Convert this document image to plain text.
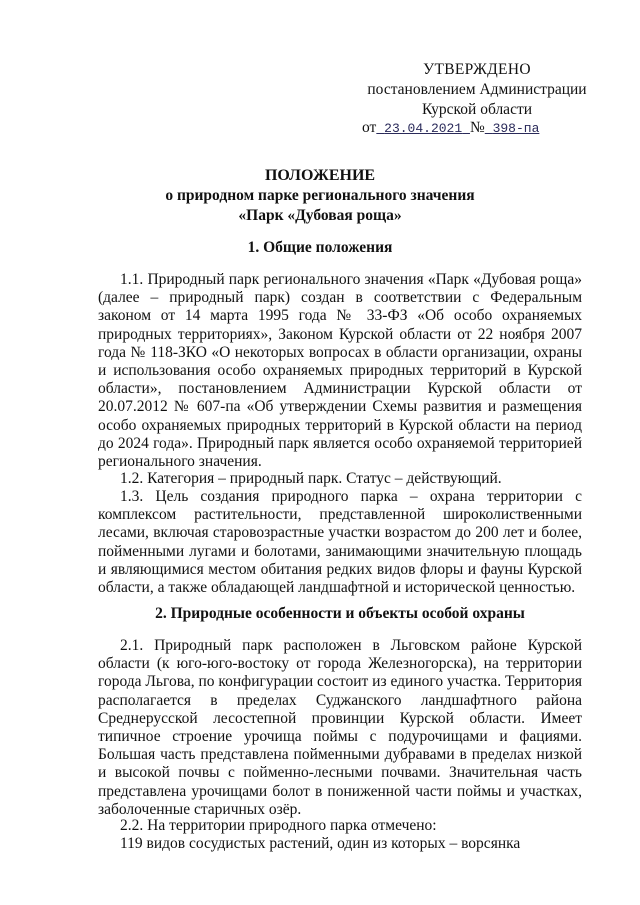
УТВЕРЖДЕНО
постановлением Администрации
Курской области
от 23.04.2021 № 398-па
ПОЛОЖЕНИЕ
о природном парке регионального значения
«Парк «Дубовая роща»
1. Общие положения

1.1. Природный парк регионального значения «Парк «Дубовая роща» (далее – природный парк) создан в соответствии с Федеральным законом от 14 марта 1995 года № 33-ФЗ «Об особо охраняемых природных территориях», Законом Курской области от 22 ноября 2007 года № 118-ЗКО «О некоторых вопросах в области организации, охраны и использования особо охраняемых природных территорий в Курской области», постановлением Администрации Курской области от 20.07.2012 № 607-па «Об утверждении Схемы развития и размещения особо охраняемых природных территорий в Курской области на период до 2024 года». Природный парк является особо охраняемой территорией регионального значения.

1.2. Категория – природный парк. Статус – действующий.

1.3. Цель создания природного парка – охрана территории с комплексом растительности, представленной широколиственными лесами, включая старовозрастные участки возрастом до 200 лет и более, пойменными лугами и болотами, занимающими значительную площадь и являющимися местом обитания редких видов флоры и фауны Курской области, а также обладающей ландшафтной и исторической ценностью.

2. Природные особенности и объекты особой охраны

2.1. Природный парк расположен в Льговском районе Курской области (к юго-юго-востоку от города Железногорска), на территории города Льгова, по конфигурации состоит из единого участка. Территория располагается в пределах Суджанского ландшафтного района Среднерусской лесостепной провинции Курской области. Имеет типичное строение урочища поймы с подурочищами и фациями. Большая часть представлена пойменными дубравами в пределах низкой и высокой почвы с пойменно-лесными почвами. Значительная часть представлена урочищами болот в пониженной части поймы и участках, заболоченные старичных озёр.

2.2. На территории природного парка отмечено:

119 видов сосудистых растений, один из которых – ворсянка
